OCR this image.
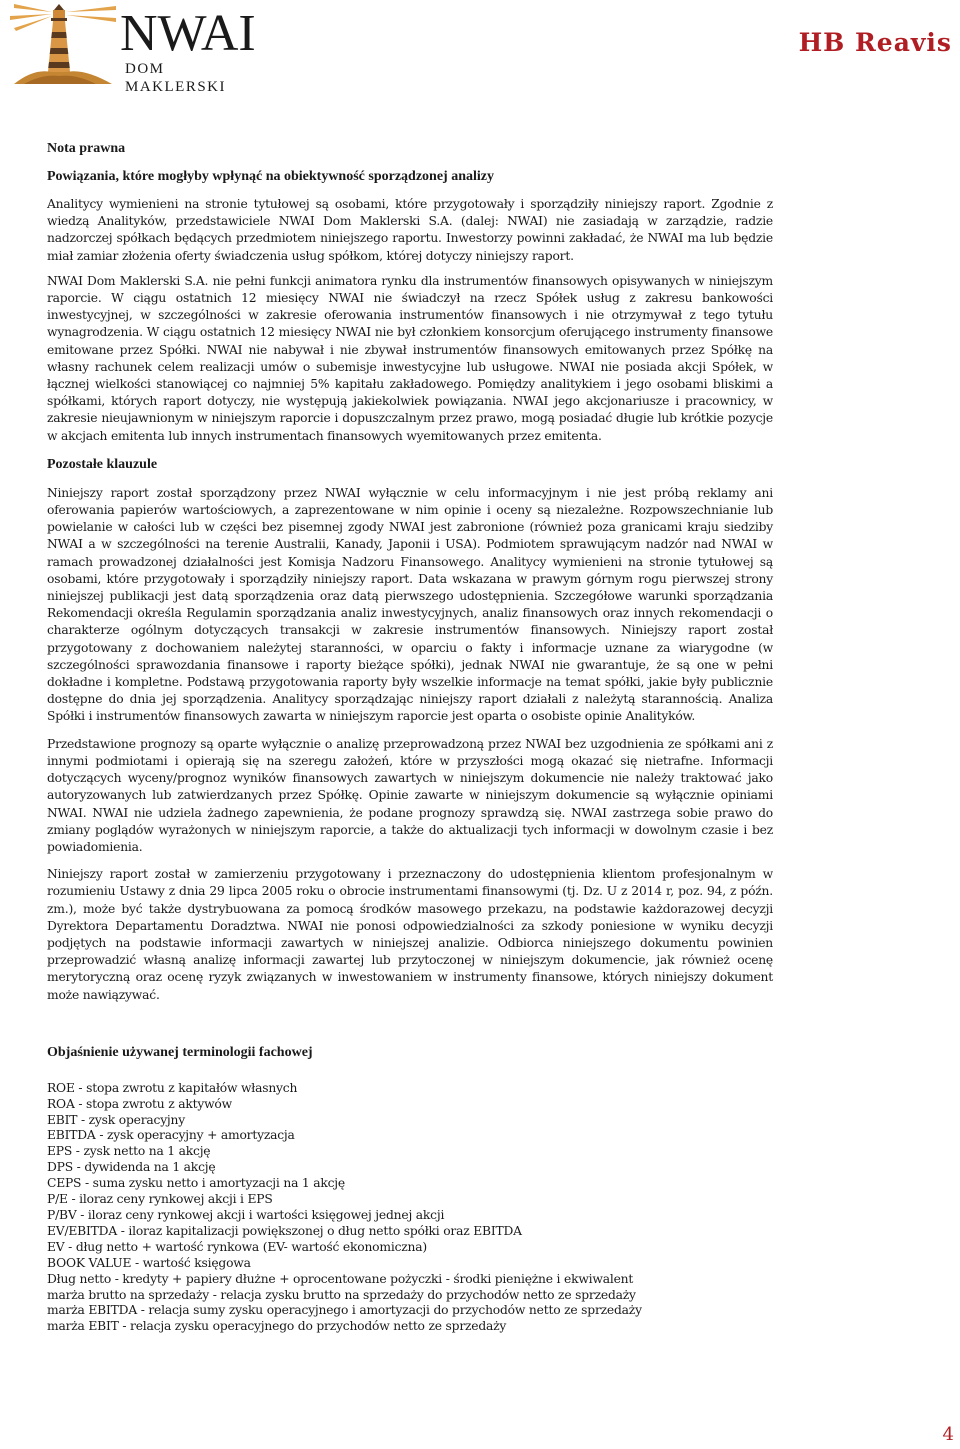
NWAI
DOM MAKLERSKI
HB Reavis
Nota prawna
Powiązania, które mogłyby wpłynąć na obiektywność sporządzonej analizy

Analitycy wymienieni na stronie tytułowej są osobami, które przygotowały i sporządziły niniejszy raport. Zgodnie z wiedzą Analityków, przedstawiciele NWAI Dom Maklerski S.A. (dalej: NWAI) nie zasiadają w zarządzie, radzie nadzorczej spółkach będących przedmiotem niniejszego raportu. Inwestorzy powinni zakładać, że NWAI ma lub będzie miał zamiar złożenia oferty świadczenia usług spółkom, której dotyczy niniejszy raport.

NWAI Dom Maklerski S.A. nie pełni funkcji animatora rynku dla instrumentów finansowych opisywanych w niniejszym raporcie. W ciągu ostatnich 12 miesięcy NWAI nie świadczył na rzecz Spółek usług z zakresu bankowości inwestycyjnej, w szczególności w zakresie oferowania instrumentów finansowych i nie otrzymywał z tego tytułu wynagrodzenia. W ciągu ostatnich 12 miesięcy NWAI nie był członkiem konsorcjum oferującego instrumenty finansowe emitowane przez Spółki. NWAI nie nabywał i nie zbywał instrumentów finansowych emitowanych przez Spółkę na własny rachunek celem realizacji umów o subemisje inwestycyjne lub usługowe. NWAI nie posiada akcji Spółek, w łącznej wielkości stanowiącej co najmniej 5% kapitału zakładowego. Pomiędzy analitykiem i jego osobami bliskimi a spółkami, których raport dotyczy, nie występują jakiekolwiek powiązania. NWAI jego akcjonariusze i pracownicy, w zakresie nieujawnionym w niniejszym raporcie i dopuszczalnym przez prawo, mogą posiadać długie lub krótkie pozycje w akcjach emitenta lub innych instrumentach finansowych wyemitowanych przez emitenta.

Pozostałe klauzule

Niniejszy raport został sporządzony przez NWAI wyłącznie w celu informacyjnym i nie jest próbą reklamy ani oferowania papierów wartościowych, a zaprezentowane w nim opinie i oceny są niezależne. Rozpowszechnianie lub powielanie w całości lub w części bez pisemnej zgody NWAI jest zabronione (również poza granicami kraju siedziby NWAI a w szczególności na terenie Australii, Kanady, Japonii i USA). Podmiotem sprawującym nadzór nad NWAI w ramach prowadzonej działalności jest Komisja Nadzoru Finansowego. Analitycy wymienieni na stronie tytułowej są osobami, które przygotowały i sporządziły niniejszy raport. Data wskazana w prawym górnym rogu pierwszej strony niniejszej publikacji jest datą sporządzenia oraz datą pierwszego udostępnienia. Szczegółowe warunki sporządzania Rekomendacji określa Regulamin sporządzania analiz inwestycyjnych, analiz finansowych oraz innych rekomendacji o charakterze ogólnym dotyczących transakcji w zakresie instrumentów finansowych. Niniejszy raport został przygotowany z dochowaniem należytej staranności, w oparciu o fakty i informacje uznane za wiarygodne (w szczególności sprawozdania finansowe i raporty bieżące spółki), jednak NWAI nie gwarantuje, że są one w pełni dokładne i kompletne. Podstawą przygotowania raporty były wszelkie informacje na temat spółki, jakie były publicznie dostępne do dnia jej sporządzenia. Analitycy sporządzając niniejszy raport działali z należytą starannością. Analiza Spółki i instrumentów finansowych zawarta w niniejszym raporcie jest oparta o osobiste opinie Analityków.

Przedstawione prognozy są oparte wyłącznie o analizę przeprowadzoną przez NWAI bez uzgodnienia ze spółkami ani z innymi podmiotami i opierają się na szeregu założeń, które w przyszłości mogą okazać się nietrafne. Informacji dotyczących wyceny/prognoz wyników finansowych zawartych w niniejszym dokumencie nie należy traktować jako autoryzowanych lub zatwierdzanych przez Spółkę. Opinie zawarte w niniejszym dokumencie są wyłącznie opiniami NWAI. NWAI nie udziela żadnego zapewnienia, że podane prognozy sprawdzą się. NWAI zastrzega sobie prawo do zmiany poglądów wyrażonych w niniejszym raporcie, a także do aktualizacji tych informacji w dowolnym czasie i bez powiadomienia.

Niniejszy raport został w zamierzeniu przygotowany i przeznaczony do udostępnienia klientom profesjonalnym w rozumieniu Ustawy z dnia 29 lipca 2005 roku o obrocie instrumentami finansowymi (tj. Dz. U z 2014 r, poz. 94, z późn. zm.), może być także dystrybuowana za pomocą środków masowego przekazu, na podstawie każdorazowej decyzji Dyrektora Departamentu Doradztwa. NWAI nie ponosi odpowiedzialności za szkody poniesione w wyniku decyzji podjętych na podstawie informacji zawartych w niniejszej analizie. Odbiorca niniejszego dokumentu powinien przeprowadzić własną analizę informacji zawartej lub przytoczonej w niniejszym dokumencie, jak również ocenę merytoryczną oraz ocenę ryzyk związanych w inwestowaniem w instrumenty finansowe, których niniejszy dokument może nawiązywać.

Objaśnienie używanej terminologii fachowej
ROE - stopa zwrotu z kapitałów własnych
ROA - stopa zwrotu z aktywów
EBIT - zysk operacyjny
EBITDA - zysk operacyjny + amortyzacja
EPS - zysk netto na 1 akcję
DPS - dywidenda na 1 akcję
CEPS - suma zysku netto i amortyzacji na 1 akcję
P/E - iloraz ceny rynkowej akcji i EPS
P/BV - iloraz ceny rynkowej akcji i wartości księgowej jednej akcji
EV/EBITDA - iloraz kapitalizacji powiększonej o dług netto spółki oraz EBITDA
EV - dług netto + wartość rynkowa (EV- wartość ekonomiczna)
BOOK VALUE - wartość księgowa
Dług netto - kredyty + papiery dłużne + oprocentowane pożyczki - środki pieniężne i ekwiwalent
marża brutto na sprzedaży - relacja zysku brutto na sprzedaży do przychodów netto ze sprzedaży
marża EBITDA - relacja sumy zysku operacyjnego i amortyzacji do przychodów netto ze sprzedaży
marża EBIT - relacja zysku operacyjnego do przychodów netto ze sprzedaży
4
